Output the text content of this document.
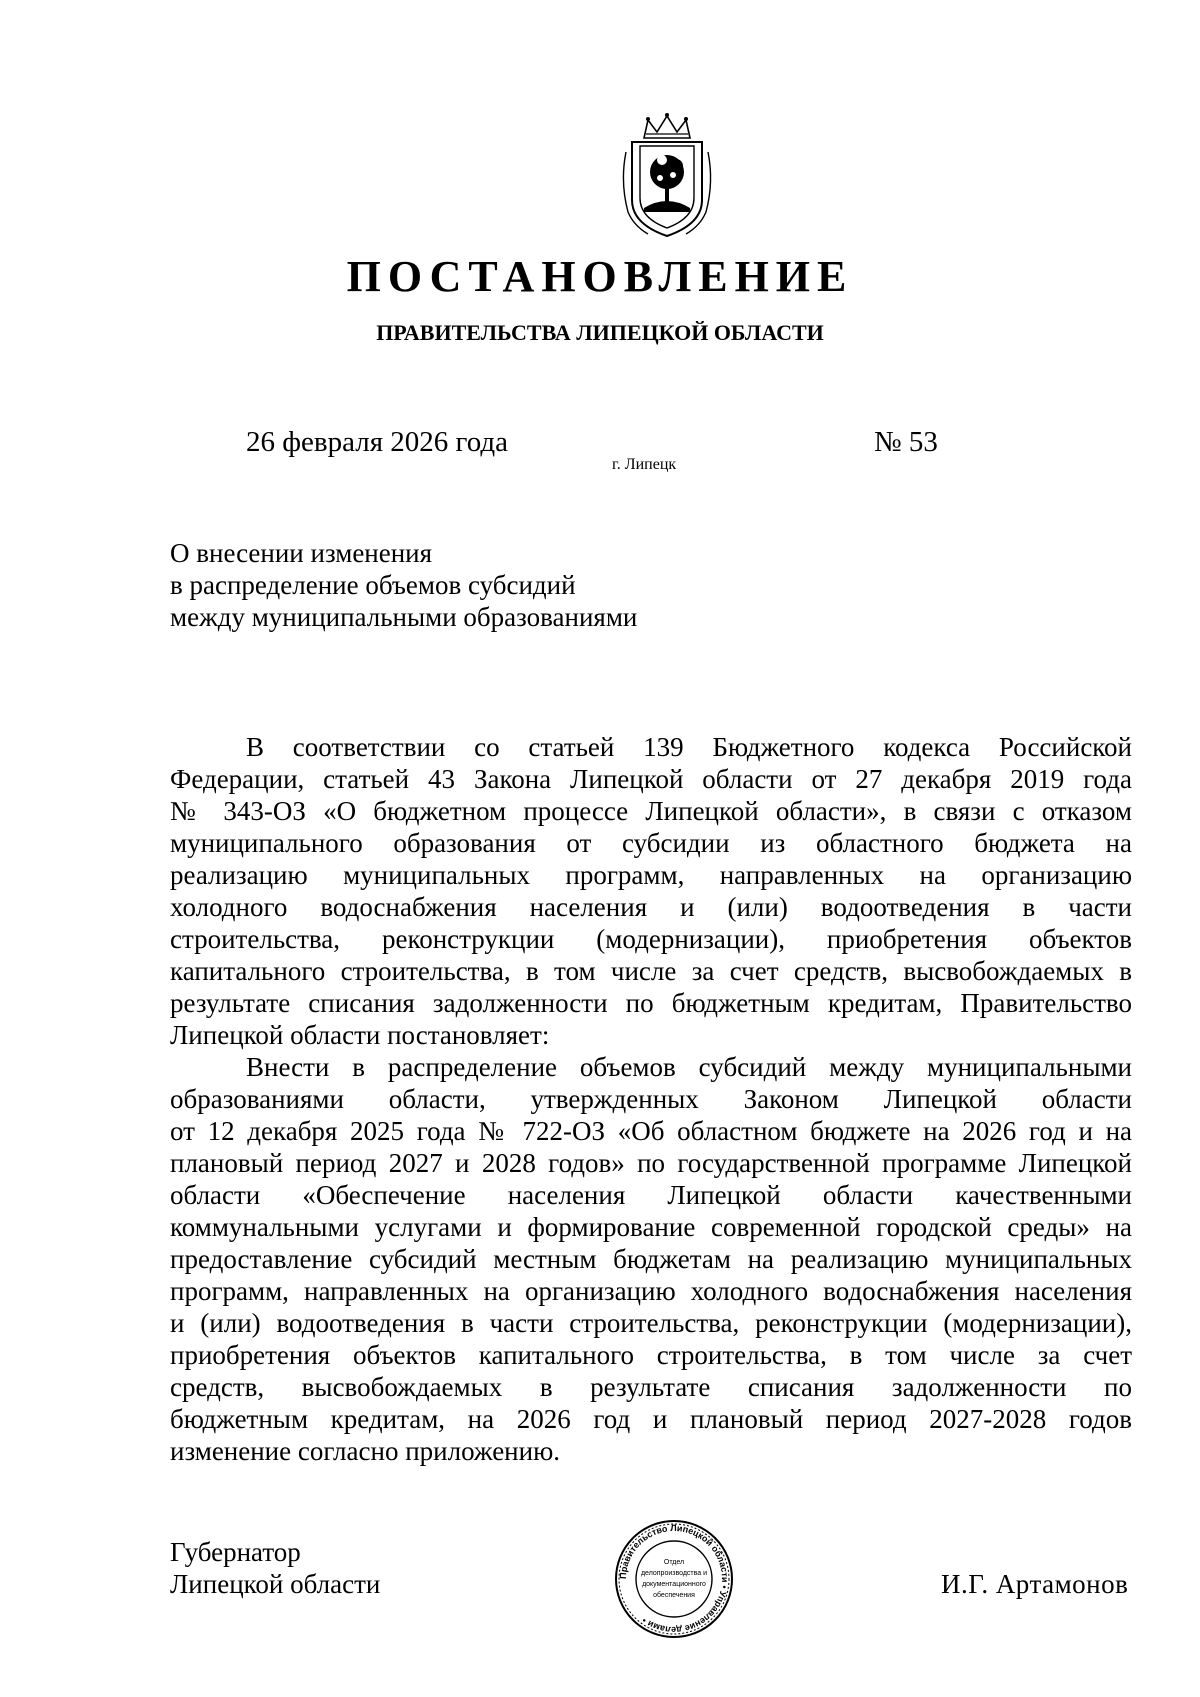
ПОСТАНОВЛЕНИЕ
ПРАВИТЕЛЬСТВА ЛИПЕЦКОЙ ОБЛАСТИ
26 февраля 2026 года
г. Липецк
№ 53
О внесении изменения
в распределение объемов субсидий
между муниципальными образованиями
В соответствии со статьей 139 Бюджетного кодекса Российской
Федерации, статьей 43 Закона Липецкой области от 27 декабря 2019 года
№ 343-ОЗ «О бюджетном процессе Липецкой области», в связи с отказом
муниципального образования от субсидии из областного бюджета на
реализацию муниципальных программ, направленных на организацию
холодного водоснабжения населения и (или) водоотведения в части
строительства, реконструкции (модернизации), приобретения объектов
капитального строительства, в том числе за счет средств, высвобождаемых в
результате списания задолженности по бюджетным кредитам, Правительство
Липецкой области постановляет:
Внести в распределение объемов субсидий между муниципальными
образованиями области, утвержденных Законом Липецкой области
от 12 декабря 2025 года № 722-ОЗ «Об областном бюджете на 2026 год и на
плановый период 2027 и 2028 годов» по государственной программе Липецкой
области «Обеспечение населения Липецкой области качественными
коммунальными услугами и формирование современной городской среды» на
предоставление субсидий местным бюджетам на реализацию муниципальных
программ, направленных на организацию холодного водоснабжения населения
и (или) водоотведения в части строительства, реконструкции (модернизации),
приобретения объектов капитального строительства, в том числе за счет
средств, высвобождаемых в результате списания задолженности по
бюджетным кредитам, на 2026 год и плановый период 2027-2028 годов
изменение согласно приложению.
Губернатор
Липецкой области	Правительство Липецкой области • Управление делами •
Отдел
делопроизводства и
документационного
обеспечения	И.Г. Артамонов
